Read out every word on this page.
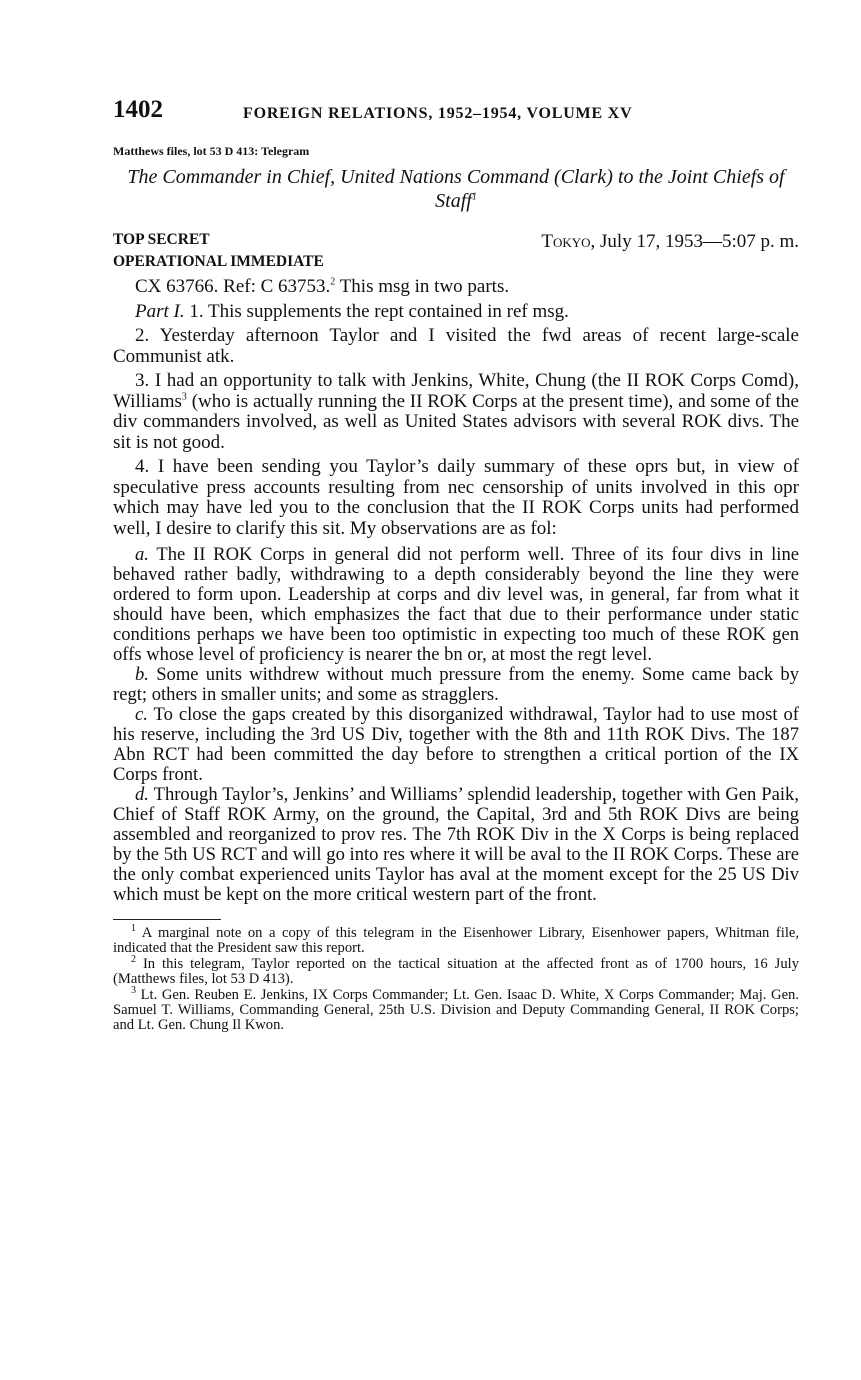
1402	FOREIGN RELATIONS, 1952–1954, VOLUME XV
Matthews files, lot 53 D 413: Telegram
The Commander in Chief, United Nations Command (Clark) to the Joint Chiefs of Staff$^1$
TOP SECRET
OPERATIONAL IMMEDIATE
Tokyo, July 17, 1953—5:07 p. m.

CX 63766. Ref: C 63753.$^2$ This msg in two parts.

Part I. 1. This supplements the rept contained in ref msg.

2. Yesterday afternoon Taylor and I visited the fwd areas of recent large-scale Communist atk.

3. I had an opportunity to talk with Jenkins, White, Chung (the II ROK Corps Comd), Williams$^3$ (who is actually running the II ROK Corps at the present time), and some of the div commanders involved, as well as United States advisors with several ROK divs. The sit is not good.

4. I have been sending you Taylor’s daily summary of these oprs but, in view of speculative press accounts resulting from nec censorship of units involved in this opr which may have led you to the conclusion that the II ROK Corps units had performed well, I desire to clarify this sit. My observations are as fol:

a. The II ROK Corps in general did not perform well. Three of its four divs in line behaved rather badly, withdrawing to a depth considerably beyond the line they were ordered to form upon. Leadership at corps and div level was, in general, far from what it should have been, which emphasizes the fact that due to their performance under static conditions perhaps we have been too optimistic in expecting too much of these ROK gen offs whose level of proficiency is nearer the bn or, at most the regt level.

b. Some units withdrew without much pressure from the enemy. Some came back by regt; others in smaller units; and some as stragglers.

c. To close the gaps created by this disorganized withdrawal, Taylor had to use most of his reserve, including the 3rd US Div, together with the 8th and 11th ROK Divs. The 187 Abn RCT had been committed the day before to strengthen a critical portion of the IX Corps front.

d. Through Taylor’s, Jenkins’ and Williams’ splendid leadership, together with Gen Paik, Chief of Staff ROK Army, on the ground, the Capital, 3rd and 5th ROK Divs are being assembled and reorganized to prov res. The 7th ROK Div in the X Corps is being replaced by the 5th US RCT and will go into res where it will be aval to the II ROK Corps. These are the only combat experienced units Taylor has aval at the moment except for the 25 US Div which must be kept on the more critical western part of the front.

$^1$ A marginal note on a copy of this telegram in the Eisenhower Library, Eisenhower papers, Whitman file, indicated that the President saw this report.

$^2$ In this telegram, Taylor reported on the tactical situation at the affected front as of 1700 hours, 16 July (Matthews files, lot 53 D 413).

$^3$ Lt. Gen. Reuben E. Jenkins, IX Corps Commander; Lt. Gen. Isaac D. White, X Corps Commander; Maj. Gen. Samuel T. Williams, Commanding General, 25th U.S. Division and Deputy Commanding General, II ROK Corps; and Lt. Gen. Chung Il Kwon.
